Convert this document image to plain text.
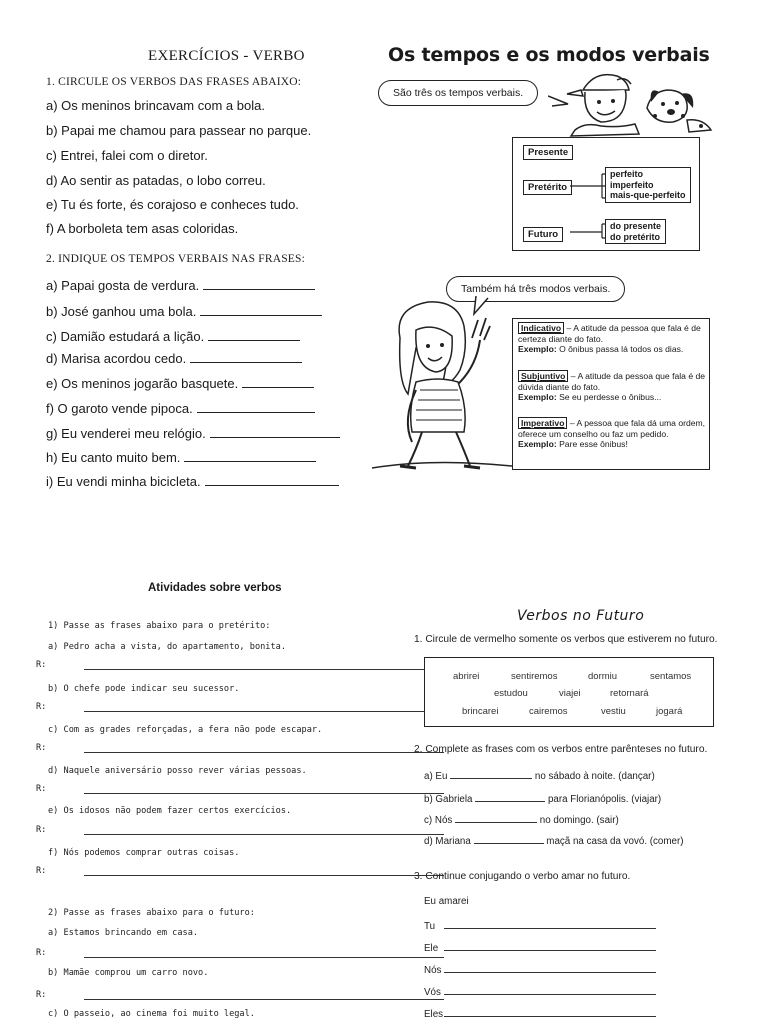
EXERCÍCIOS - VERBO
1. CIRCULE OS VERBOS DAS FRASES ABAIXO:
a) Os meninos brincavam com a bola.
b) Papai me chamou para passear no parque.
c) Entrei, falei com o diretor.
d) Ao sentir as patadas, o lobo correu.
e) Tu és forte, és corajoso e conheces tudo.
f) A borboleta tem asas coloridas.
2. INDIQUE OS TEMPOS VERBAIS NAS FRASES:
a) Papai gosta de verdura.
b) José ganhou uma bola.
c) Damião estudará a lição.
d) Marisa acordou cedo.
e) Os meninos jogarão basquete.
f) O garoto vende pipoca.
g) Eu venderei meu relógio.
h) Eu canto muito bem.
i) Eu vendi minha bicicleta.
Os tempos e os modos verbais
São três os tempos verbais.
Presente
Pretérito
Futuro
perfeito
imperfeito
mais-que-perfeito
do presente
do pretérito
Também há três modos verbais.
Indicativo – A atitude da pessoa que fala é de certeza diante do fato.
Exemplo: O ônibus passa lá todos os dias.
Subjuntivo – A atitude da pessoa que fala é de dúvida diante do fato.
Exemplo: Se eu perdesse o ônibus...
Imperativo – A pessoa que fala dá uma ordem, oferece um conselho ou faz um pedido.
Exemplo: Pare esse ônibus!
Atividades sobre verbos
1) Passe as frases abaixo para o pretérito:
a) Pedro acha a vista, do apartamento, bonita.
R:
b) O chefe pode indicar seu sucessor.
R:
c) Com as grades reforçadas, a fera não pode escapar.
R:
d) Naquele aniversário posso rever várias pessoas.
R:
e) Os idosos não podem fazer certos exercícios.
R:
f) Nós podemos comprar outras coisas.
R:
2) Passe as frases abaixo para o futuro:
a) Estamos brincando em casa.
R:
b) Mamãe comprou um carro novo.
R:
c) O passeio, ao cinema foi muito legal.
Verbos no Futuro
1. Circule de vermelho somente os verbos que estiverem no futuro.
abrirei	sentiremos	dormiu	sentamos
estudou	viajei	retornará
brincarei	cairemos	vestiu	jogará
2. Complete as frases com os verbos entre parênteses no futuro.
a) Eu	no sábado à noite. (dançar)
b) Gabriela	para Florianópolis. (viajar)
c) Nós	no domingo. (sair)
d) Mariana	maçã na casa da vovó. (comer)
3. Continue conjugando o verbo amar no futuro.
Eu amarei
Tu
Ele
Nós
Vós
Eles
